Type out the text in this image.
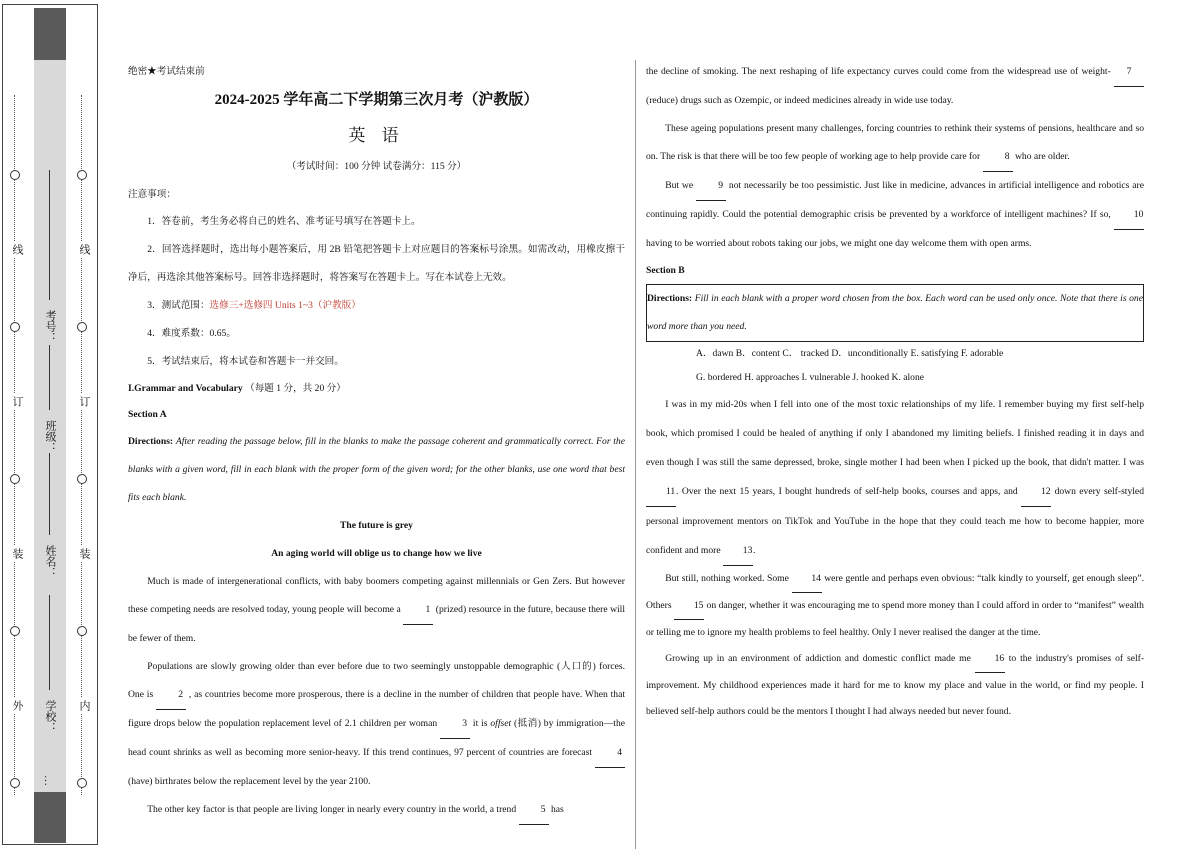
外
装
订
线
内
装
订
线
学校：
姓名：
班级：
考号：
…

绝密★考试结束前

2024-2025 学年高二下学期第三次月考（沪教版）

英 语

（考试时间：100 分钟 试卷满分：115 分）

注意事项：

1．答卷前，考生务必将自己的姓名、准考证号填写在答题卡上。

2．回答选择题时，选出每小题答案后，用 2B 铅笔把答题卡上对应题目的答案标号涂黑。如需改动，用橡皮擦干净后，再选涂其他答案标号。回答非选择题时，将答案写在答题卡上。写在本试卷上无效。

3．测试范围：选修三+选修四 Units 1~3（沪教版）

4．难度系数：0.65。

5．考试结束后，将本试卷和答题卡一并交回。

I.Grammar and Vocabulary （每题 1 分，共 20 分）

Section A

Directions: After reading the passage below, fill in the blanks to make the passage coherent and grammatically correct. For the blanks with a given word, fill in each blank with the proper form of the given word; for the other blanks, use one word that best fits each blank.

The future is grey

An aging world will oblige us to change how we live

Much is made of intergenerational conflicts, with baby boomers competing against millennials or Gen Zers. But however these competing needs are resolved today, young people will become a	1 (prized) resource in the future, because there will be fewer of them.

Populations are slowly growing older than ever before due to two seemingly unstoppable demographic (人口的) forces. One is	2 , as countries become more prosperous, there is a decline in the number of children that people have. When that figure drops below the population replacement level of 2.1 children per woman	3 it is offset (抵消) by immigration—the head count shrinks as well as becoming more senior-heavy. If this trend continues, 97 percent of countries are forecast	4 (have) birthrates below the replacement level by the year 2100.

The other key factor is that people are living longer in nearly every country in the world, a trend	5 has

the decline of smoking. The next reshaping of life expectancy curves could come from the widespread use of weight- 7 (reduce) drugs such as Ozempic, or indeed medicines already in wide use today.

These ageing populations present many challenges, forcing countries to rethink their systems of pensions, healthcare and so on. The risk is that there will be too few people of working age to help provide care for	8 who are older.

But we	9 not necessarily be too pessimistic. Just like in medicine, advances in artificial intelligence and robotics are continuing rapidly. Could the potential demographic crisis be prevented by a workforce of intelligent machines? If so, 10 having to be worried about robots taking our jobs, we might one day welcome them with open arms.

Section B

Directions: Fill in each blank with a proper word chosen from the box. Each word can be used only once. Note that there is one word more than you need.

A．dawn B．content C． tracked D．unconditionally E. satisfying F. adorable

G. bordered H. approaches I. vulnerable J. hooked K. alone

I was in my mid-20s when I fell into one of the most toxic relationships of my life. I remember buying my first self-help book, which promised I could be healed of anything if only I abandoned my limiting beliefs. I finished reading it in days and even though I was still the same depressed, broke, single mother I had been when I picked up the book, that didn't matter. I was 11. Over the next 15 years, I bought hundreds of self-help books, courses and apps, and 12 down every self-styled personal improvement mentors on TikTok and YouTube in the hope that they could teach me how to become happier, more confident and more 13.

But still, nothing worked. Some 14 were gentle and perhaps even obvious: “talk kindly to yourself, get enough sleep”. Others 15 on danger, whether it was encouraging me to spend more money than I could afford in order to “manifest” wealth or telling me to ignore my health problems to feel healthy. Only I never realised the danger at the time.

Growing up in an environment of addiction and domestic conflict made me 16 to the industry's promises of self-improvement. My childhood experiences made it hard for me to know my place and value in the world, or find my people. I believed self-help authors could be the mentors I thought I had always needed but never found.
